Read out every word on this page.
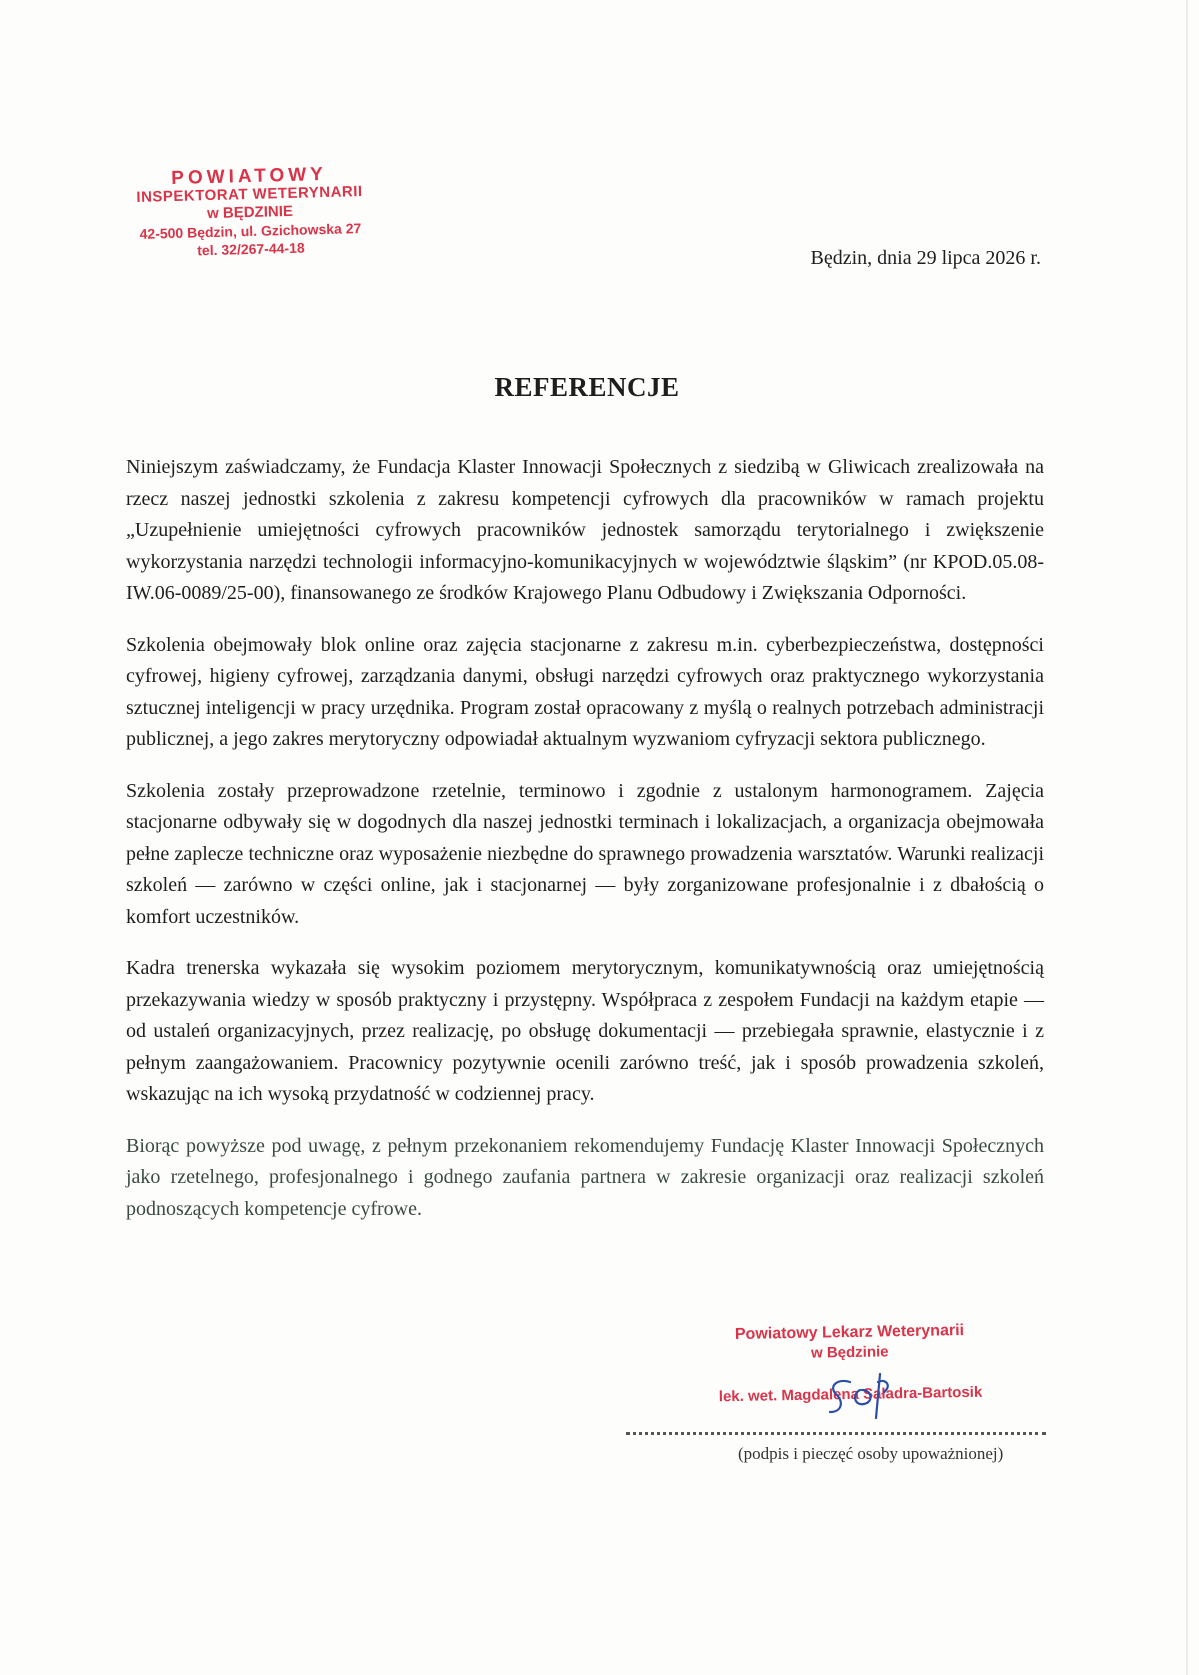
POWIATOWY
INSPEKTORAT WETERYNARII
w BĘDZINIE
42-500 Będzin, ul. Gzichowska 27
tel. 32/267-44-18	Będzin, dnia 29 lipca 2026 r.
REFERENCJE

Niniejszym zaświadczamy, że Fundacja Klaster Innowacji Społecznych z siedzibą w Gliwicach zrealizowała na rzecz naszej jednostki szkolenia z zakresu kompetencji cyfrowych dla pracowników w ramach projektu „Uzupełnienie umiejętności cyfrowych pracowników jednostek samorządu terytorialnego i zwiększenie wykorzystania narzędzi technologii informacyjno-komunikacyjnych w województwie śląskim” (nr KPOD.05.08-IW.06-0089/25-00), finansowanego ze środków Krajowego Planu Odbudowy i Zwiększania Odporności.

Szkolenia obejmowały blok online oraz zajęcia stacjonarne z zakresu m.in. cyberbezpieczeństwa, dostępności cyfrowej, higieny cyfrowej, zarządzania danymi, obsługi narzędzi cyfrowych oraz praktycznego wykorzystania sztucznej inteligencji w pracy urzędnika. Program został opracowany z myślą o realnych potrzebach administracji publicznej, a jego zakres merytoryczny odpowiadał aktualnym wyzwaniom cyfryzacji sektora publicznego.

Szkolenia zostały przeprowadzone rzetelnie, terminowo i zgodnie z ustalonym harmonogramem. Zajęcia stacjonarne odbywały się w dogodnych dla naszej jednostki terminach i lokalizacjach, a organizacja obejmowała pełne zaplecze techniczne oraz wyposażenie niezbędne do sprawnego prowadzenia warsztatów. Warunki realizacji szkoleń — zarówno w części online, jak i stacjonarnej — były zorganizowane profesjonalnie i z dbałością o komfort uczestników.

Kadra trenerska wykazała się wysokim poziomem merytorycznym, komunikatywnością oraz umiejętnością przekazywania wiedzy w sposób praktyczny i przystępny. Współpraca z zespołem Fundacji na każdym etapie — od ustaleń organizacyjnych, przez realizację, po obsługę dokumentacji — przebiegała sprawnie, elastycznie i z pełnym zaangażowaniem. Pracownicy pozytywnie ocenili zarówno treść, jak i sposób prowadzenia szkoleń, wskazując na ich wysoką przydatność w codziennej pracy.

Biorąc powyższe pod uwagę, z pełnym przekonaniem rekomendujemy Fundację Klaster Innowacji Społecznych jako rzetelnego, profesjonalnego i godnego zaufania partnera w zakresie organizacji oraz realizacji szkoleń podnoszących kompetencje cyfrowe.

Powiatowy Lekarz Weterynarii
w Będzinie
lek. wet. Magdalena Saładra-Bartosik
(podpis i pieczęć osoby upoważnionej)
